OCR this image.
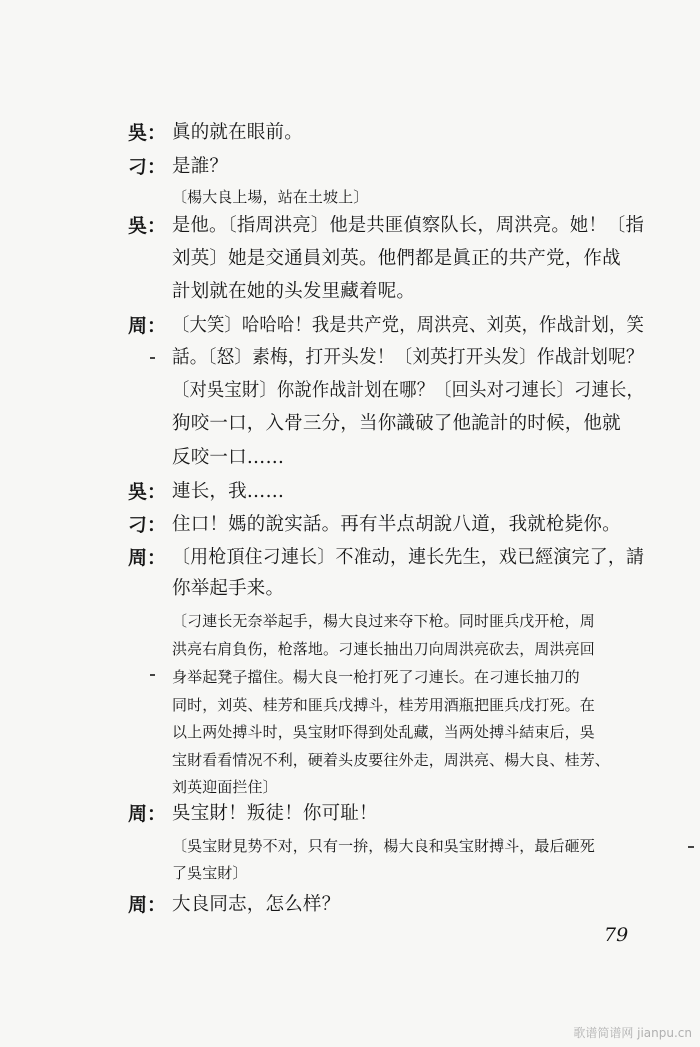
吳： 眞的就在眼前。
刁： 是誰？
〔楊大良上場，站在土坡上〕
吳： 是他。〔指周洪亮〕他是共匪偵察队长，周洪亮。她！〔指
刘英〕她是交通員刘英。他們都是眞正的共产党，作战
計划就在她的头发里藏着呢。
周： 〔大笑〕哈哈哈！我是共产党，周洪亮、刘英，作战計划，笑
話。〔怒〕素梅，打开头发！〔刘英打开头发〕作战計划呢？
〔对吳宝財〕你說作战計划在哪？〔回头对刁連长〕刁連长，
狗咬一口，入骨三分，当你識破了他詭計的时候，他就
反咬一口……
吳： 連长，我……
刁： 住口！媽的說实話。再有半点胡說八道，我就枪毙你。
周： 〔用枪頂住刁連长〕不准动，連长先生，戏已經演完了，請
你举起手来。
〔刁連长无奈举起手，楊大良过来夺下枪。同时匪兵戊开枪，周
洪亮右肩負伤，枪落地。刁連长抽出刀向周洪亮砍去，周洪亮回
身举起凳子擋住。楊大良一枪打死了刁連长。在刁連长抽刀的
同时，刘英、桂芳和匪兵戊搏斗，桂芳用酒瓶把匪兵戊打死。在
以上两处搏斗时，吳宝財吓得到处乱藏，当两处搏斗結束后，吳
宝財看看情况不利，硬着头皮要往外走，周洪亮、楊大良、桂芳、
刘英迎面拦住〕
周： 吳宝財！叛徒！你可耻！
〔吳宝財見势不对，只有一拚，楊大良和吳宝財搏斗，最后砸死
了吳宝財〕
周： 大良同志，怎么样？
79
歌谱简谱网 jianpu.cn
